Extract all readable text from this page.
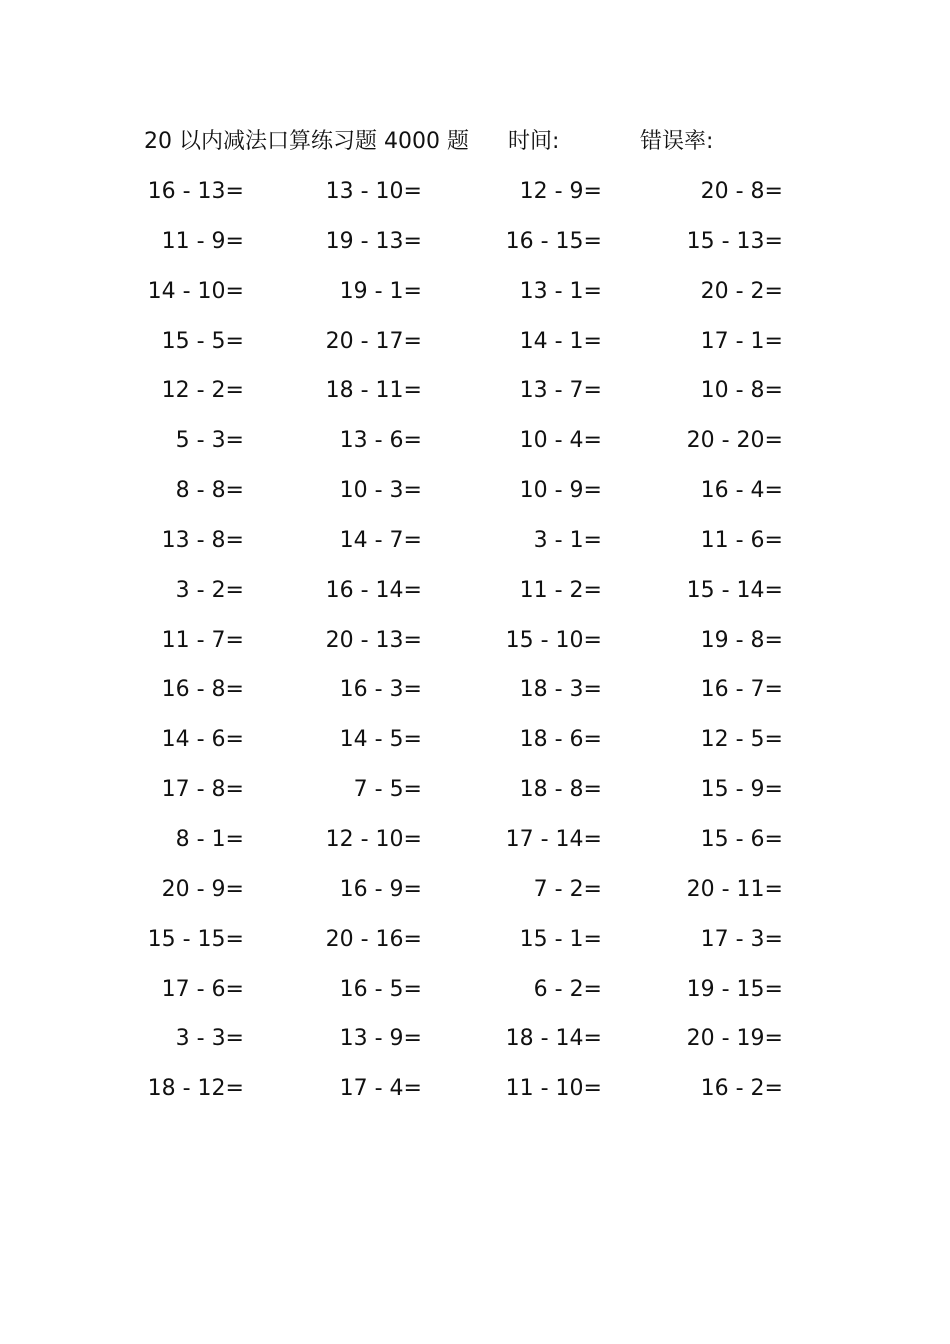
20 以内减法口算练习题 4000 题 时间:	错误率:
16 - 13=	13 - 10=	12 - 9=	20 - 8=
11 - 9=	19 - 13=	16 - 15=	15 - 13=
14 - 10=	19 - 1=	13 - 1=	20 - 2=
15 - 5=	20 - 17=	14 - 1=	17 - 1=
12 - 2=	18 - 11=	13 - 7=	10 - 8=
5 - 3=	13 - 6=	10 - 4=	20 - 20=
8 - 8=	10 - 3=	10 - 9=	16 - 4=
13 - 8=	14 - 7=	3 - 1=	11 - 6=
3 - 2=	16 - 14=	11 - 2=	15 - 14=
11 - 7=	20 - 13=	15 - 10=	19 - 8=
16 - 8=	16 - 3=	18 - 3=	16 - 7=
14 - 6=	14 - 5=	18 - 6=	12 - 5=
17 - 8=	7 - 5=	18 - 8=	15 - 9=
8 - 1=	12 - 10=	17 - 14=	15 - 6=
20 - 9=	16 - 9=	7 - 2=	20 - 11=
15 - 15=	20 - 16=	15 - 1=	17 - 3=
17 - 6=	16 - 5=	6 - 2=	19 - 15=
3 - 3=	13 - 9=	18 - 14=	20 - 19=
18 - 12=	17 - 4=	11 - 10=	16 - 2=
